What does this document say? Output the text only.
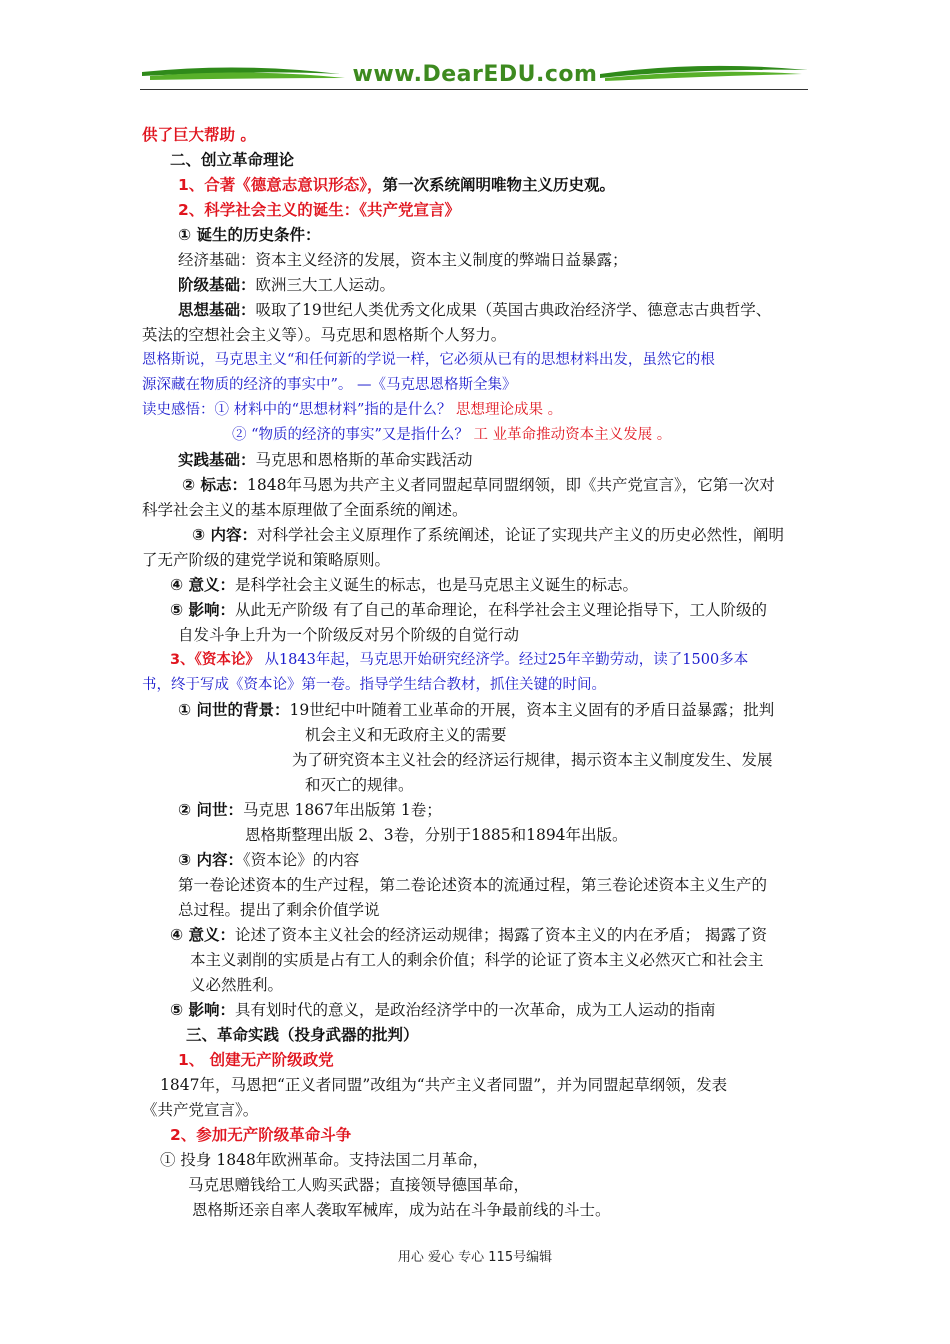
www.DearEDU.com
供了巨大帮助 。
二、创立革命理论
1、合著《德意志意识形态》，第一次系统阐明唯物主义历史观。
2、科学社会主义的诞生：《共产党宣言》
① 诞生的历史条件：
经济基础：资本主义经济的发展，资本主义制度的弊端日益暴露；
阶级基础：欧洲三大工人运动。
思想基础：吸取了19世纪人类优秀文化成果（英国古典政治经济学、德意志古典哲学、
英法的空想社会主义等）。马克思和恩格斯个人努力。
恩格斯说，马克思主义“和任何新的学说一样，它必须从已有的思想材料出发，虽然它的根
源深藏在物质的经济的事实中”。 —《马克思恩格斯全集》
读史感悟：① 材料中的“思想材料”指的是什么？ 思想理论成果 。
② “物质的经济的事实”又是指什么？ 工 业革命推动资本主义发展 。
实践基础：马克思和恩格斯的革命实践活动
② 标志：1848年马恩为共产主义者同盟起草同盟纲领，即《共产党宣言》，它第一次对
科学社会主义的基本原理做了全面系统的阐述。
③ 内容：对科学社会主义原理作了系统阐述，论证了实现共产主义的历史必然性，阐明
了无产阶级的建党学说和策略原则。
④ 意义：是科学社会主义诞生的标志，也是马克思主义诞生的标志。
⑤ 影响：从此无产阶级 有了自己的革命理论，在科学社会主义理论指导下，工人阶级的
自发斗争上升为一个阶级反对另个阶级的自觉行动
3、《资本论》 从1843年起，马克思开始研究经济学。经过25年辛勤劳动，读了1500多本
书，终于写成《资本论》第一卷。指导学生结合教材，抓住关键的时间。
① 问世的背景：19世纪中叶随着工业革命的开展，资本主义固有的矛盾日益暴露；批判
机会主义和无政府主义的需要
为了研究资本主义社会的经济运行规律，揭示资本主义制度发生、发展
和灭亡的规律。
② 问世：马克思 1867年出版第 1卷；
恩格斯整理出版 2、3卷，分别于1885和1894年出版。
③ 内容：《资本论》的内容
第一卷论述资本的生产过程，第二卷论述资本的流通过程，第三卷论述资本主义生产的
总过程。提出了剩余价值学说
④ 意义：论述了资本主义社会的经济运动规律；揭露了资本主义的内在矛盾； 揭露了资
本主义剥削的实质是占有工人的剩余价值；科学的论证了资本主义必然灭亡和社会主
义必然胜利。
⑤ 影响：具有划时代的意义，是政治经济学中的一次革命，成为工人运动的指南
三、革命实践（投身武器的批判）
1、 创建无产阶级政党
1847年，马恩把“正义者同盟”改组为“共产主义者同盟”，并为同盟起草纲领，发表
《共产党宣言》。
2、参加无产阶级革命斗争
① 投身 1848年欧洲革命。支持法国二月革命，
马克思赠钱给工人购买武器；直接领导德国革命，
恩格斯还亲自率人袭取军械库，成为站在斗争最前线的斗士。
用心 爱心 专心 115号编辑
